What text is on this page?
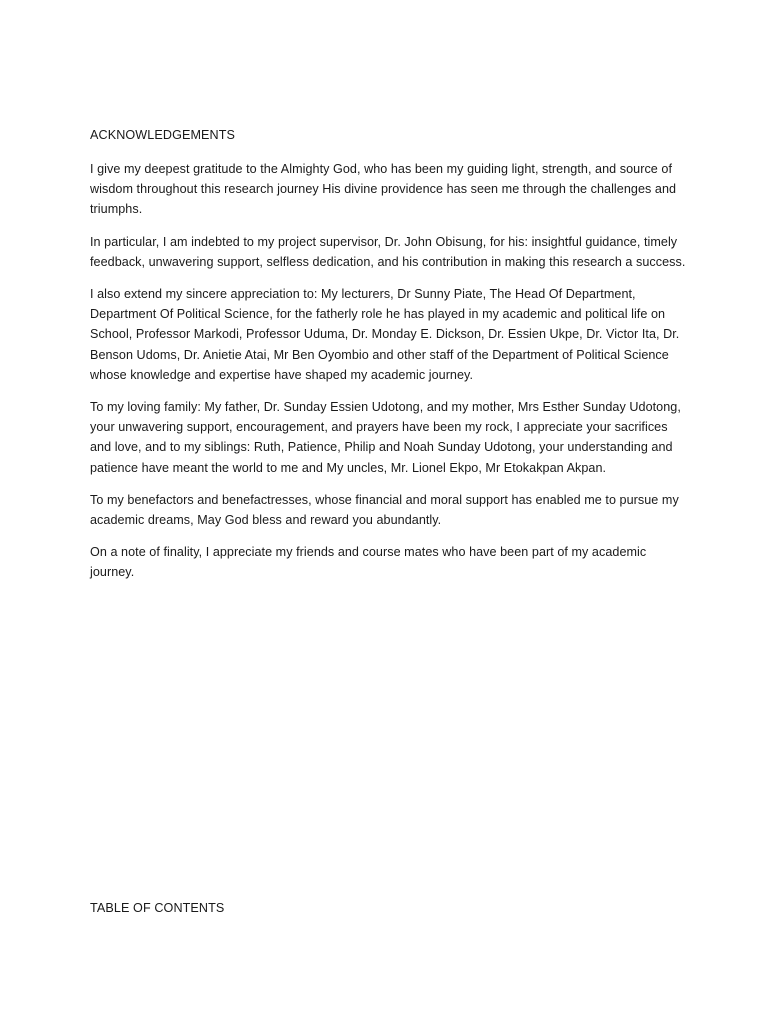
ACKNOWLEDGEMENTS

I give my deepest gratitude to the Almighty God, who has been my guiding light, strength, and source of wisdom throughout this research journey His divine providence has seen me through the challenges and triumphs.

In particular, I am indebted to my project supervisor, Dr. John Obisung, for his: insightful guidance, timely feedback, unwavering support, selfless dedication, and his contribution in making this research a success.

I also extend my sincere appreciation to: My lecturers, Dr Sunny Piate, The Head Of Department, Department Of Political Science, for the fatherly role he has played in my academic and political life on School, Professor Markodi, Professor Uduma, Dr. Monday E. Dickson, Dr. Essien Ukpe, Dr. Victor Ita, Dr. Benson Udoms, Dr. Anietie Atai, Mr Ben Oyombio and other staff of the Department of Political Science whose knowledge and expertise have shaped my academic journey.

To my loving family: My father, Dr. Sunday Essien Udotong, and my mother, Mrs Esther Sunday Udotong, your unwavering support, encouragement, and prayers have been my rock, I appreciate your sacrifices and love, and to my siblings: Ruth, Patience, Philip and Noah Sunday Udotong, your understanding and patience have meant the world to me and My uncles, Mr. Lionel Ekpo, Mr Etokakpan Akpan.

To my benefactors and benefactresses, whose financial and moral support has enabled me to pursue my academic dreams, May God bless and reward you abundantly.

On a note of finality, I appreciate my friends and course mates who have been part of my academic journey.

TABLE OF CONTENTS
